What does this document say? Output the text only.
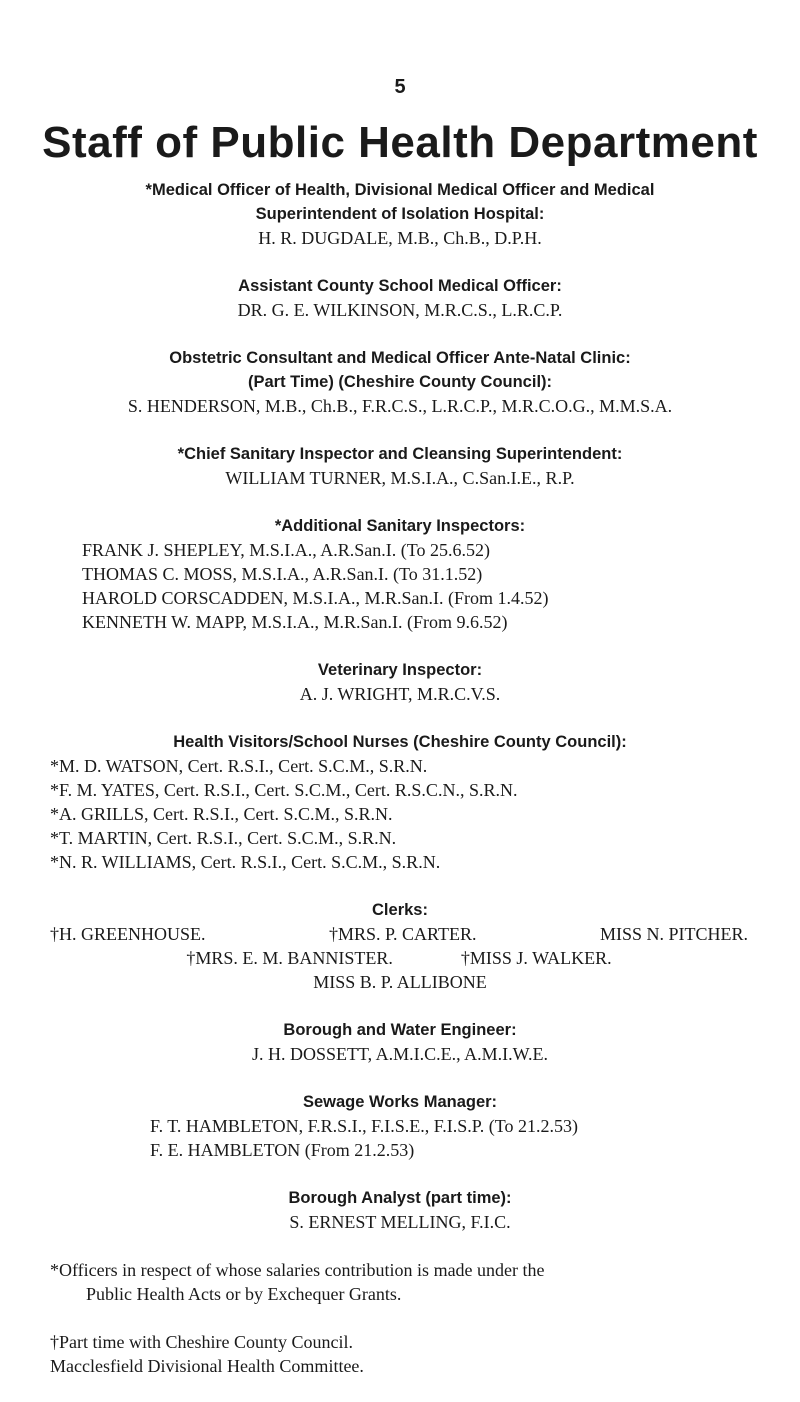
5
Staff of Public Health Department
*Medical Officer of Health, Divisional Medical Officer and Medical
Superintendent of Isolation Hospital:
H. R. DUGDALE, M.B., Ch.B., D.P.H.
Assistant County School Medical Officer:
DR. G. E. WILKINSON, M.R.C.S., L.R.C.P.
Obstetric Consultant and Medical Officer Ante-Natal Clinic:
(Part Time) (Cheshire County Council):
S. HENDERSON, M.B., Ch.B., F.R.C.S., L.R.C.P., M.R.C.O.G., M.M.S.A.
*Chief Sanitary Inspector and Cleansing Superintendent:
WILLIAM TURNER, M.S.I.A., C.San.I.E., R.P.
*Additional Sanitary Inspectors:
FRANK J. SHEPLEY, M.S.I.A., A.R.San.I. (To 25.6.52)
THOMAS C. MOSS, M.S.I.A., A.R.San.I. (To 31.1.52)
HAROLD CORSCADDEN, M.S.I.A., M.R.San.I. (From 1.4.52)
KENNETH W. MAPP, M.S.I.A., M.R.San.I. (From 9.6.52)
Veterinary Inspector:
A. J. WRIGHT, M.R.C.V.S.
Health Visitors/School Nurses (Cheshire County Council):
*M. D. WATSON, Cert. R.S.I., Cert. S.C.M., S.R.N.
*F. M. YATES, Cert. R.S.I., Cert. S.C.M., Cert. R.S.C.N., S.R.N.
*A. GRILLS, Cert. R.S.I., Cert. S.C.M., S.R.N.
*T. MARTIN, Cert. R.S.I., Cert. S.C.M., S.R.N.
*N. R. WILLIAMS, Cert. R.S.I., Cert. S.C.M., S.R.N.
Clerks:
†H. GREENHOUSE.	†MRS. P. CARTER.	MISS N. PITCHER.
†MRS. E. M. BANNISTER.	†MISS J. WALKER.
MISS B. P. ALLIBONE
Borough and Water Engineer:
J. H. DOSSETT, A.M.I.C.E., A.M.I.W.E.
Sewage Works Manager:
F. T. HAMBLETON, F.R.S.I., F.I.S.E., F.I.S.P. (To 21.2.53)
F. E. HAMBLETON (From 21.2.53)
Borough Analyst (part time):
S. ERNEST MELLING, F.I.C.
*Officers in respect of whose salaries contribution is made under the
Public Health Acts or by Exchequer Grants.
†Part time with Cheshire County Council.
Macclesfield Divisional Health Committee.
